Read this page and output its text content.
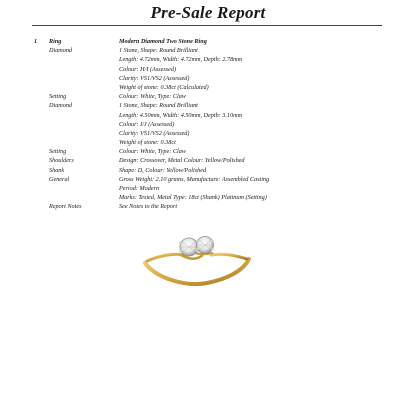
Pre-Sale Report
1 Ring	Modern Diamond Two Stone Ring
Diamond	1 Stone, Shape: Round Brilliant
Length: 4.72mm, Width: 4.72mm, Depth: 2.78mm
Colour: H/I (Assessed)
Clarity: VS1/VS2 (Assessed)
Weight of stone: 0.38ct (Calculated)
Setting	Colour: White, Type: Claw
Diamond	1 Stone, Shape: Round Brilliant
Length: 4.50mm, Width: 4.50mm, Depth: 3.10mm
Colour: I/J (Assessed)
Clarity: VS1/VS2 (Assessed)
Weight of stone: 0.38ct
Setting	Colour: White, Type: Claw
Shoulders	Design: Crossover, Metal Colour: Yellow/Polished
Shank	Shape: D, Colour: Yellow/Polished
General	Gross Weight: 2.10 grams, Manufacture: Assembled Casting
Period: Modern
Marks: Tested, Metal Type: 18ct (Shank) Platinum (Setting)
Report Notes	See Notes to the Report
